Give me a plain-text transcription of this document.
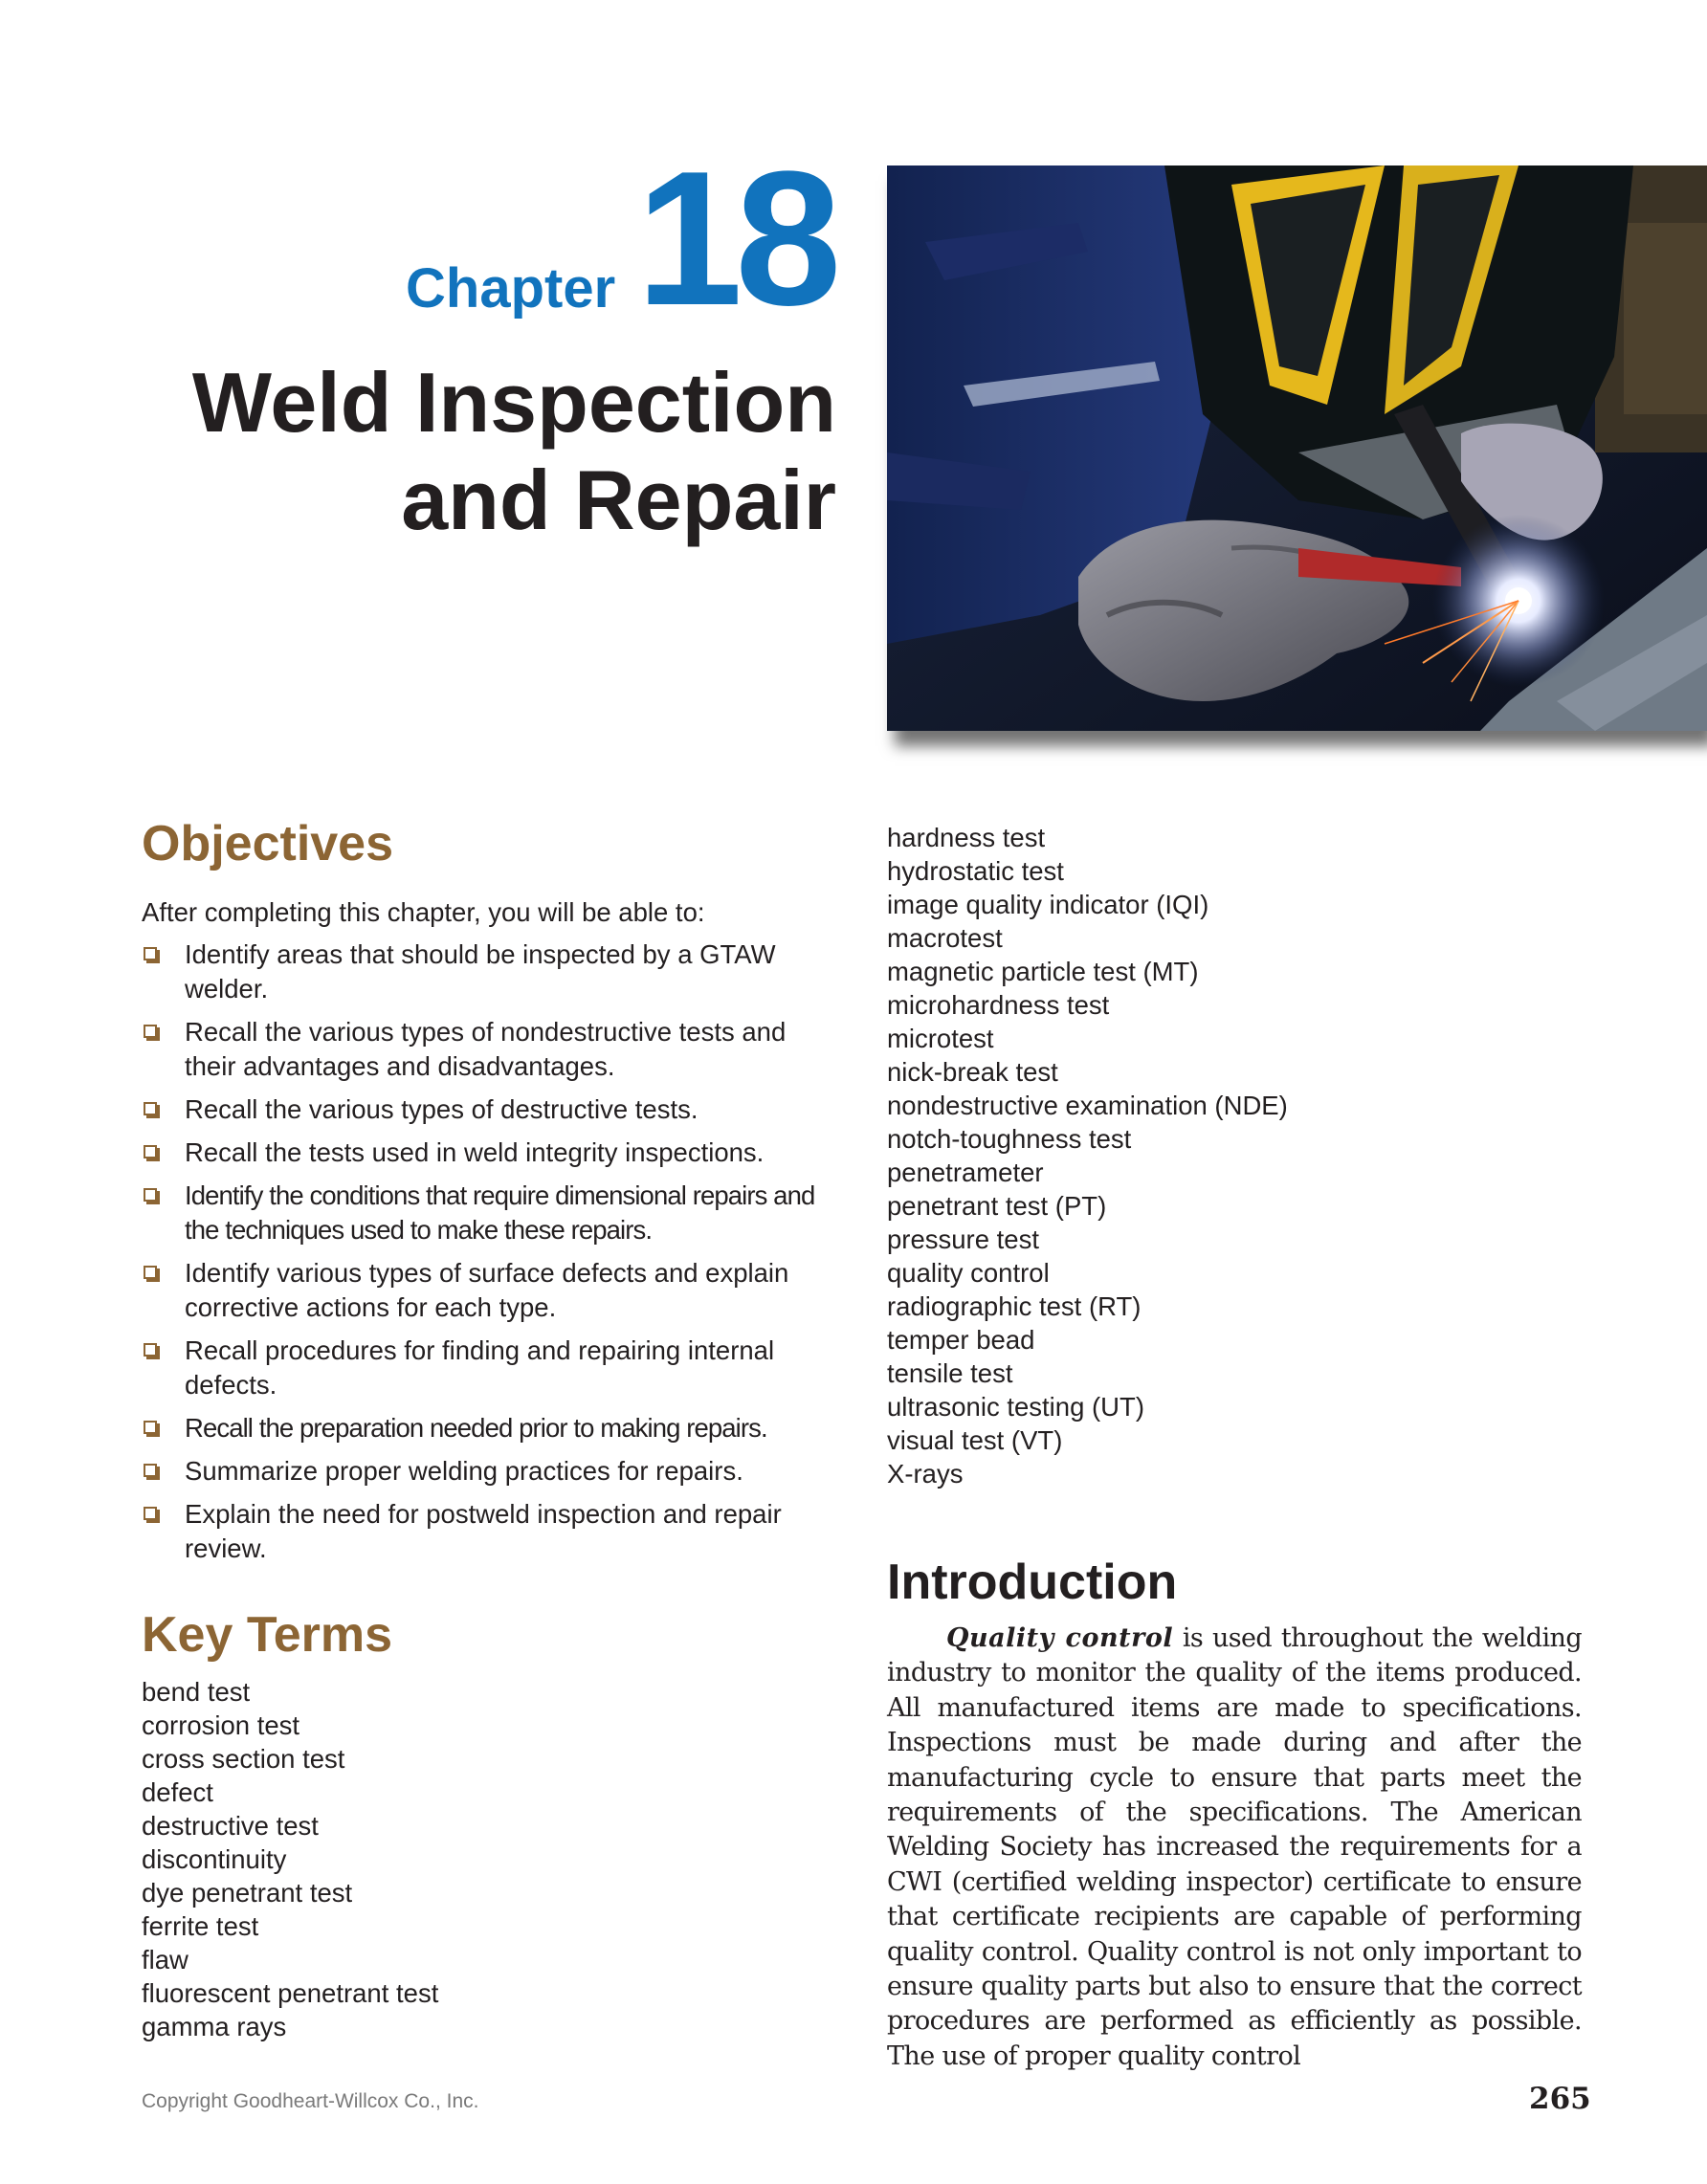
Chapter 18
Weld Inspection
and Repair
Objectives
After completing this chapter, you will be able to:
Identify areas that should be inspected by a GTAW welder.
Recall the various types of nondestructive tests and their advantages and disadvantages.
Recall the various types of destructive tests.
Recall the tests used in weld integrity inspections.
Identify the conditions that require dimensional repairs and the techniques used to make these repairs.
Identify various types of surface defects and explain corrective actions for each type.
Recall procedures for finding and repairing internal defects.
Recall the preparation needed prior to making repairs.
Summarize proper welding practices for repairs.
Explain the need for postweld inspection and repair review.
Key Terms
bend test
corrosion test
cross section test
defect
destructive test
discontinuity
dye penetrant test
ferrite test
flaw
fluorescent penetrant test
gamma rays
hardness test
hydrostatic test
image quality indicator (IQI)
macrotest
magnetic particle test (MT)
microhardness test
microtest
nick-break test
nondestructive examination (NDE)
notch-toughness test
penetrameter
penetrant test (PT)
pressure test
quality control
radiographic test (RT)
temper bead
tensile test
ultrasonic testing (UT)
visual test (VT)
X-rays
Introduction

Quality control is used throughout the welding industry to monitor the quality of the items produced. All manufactured items are made to specifications. Inspections must be made during and after the manufacturing cycle to ensure that parts meet the requirements of the specifications. The American Welding Society has increased the requirements for a CWI (certified welding inspector) certificate to ensure that certificate recipients are capable of performing quality control. Quality control is not only important to ensure quality parts but also to ensure that the correct procedures are performed as efficiently as possible. The use of proper quality control

Copyright Goodheart-Willcox Co., Inc.	265
